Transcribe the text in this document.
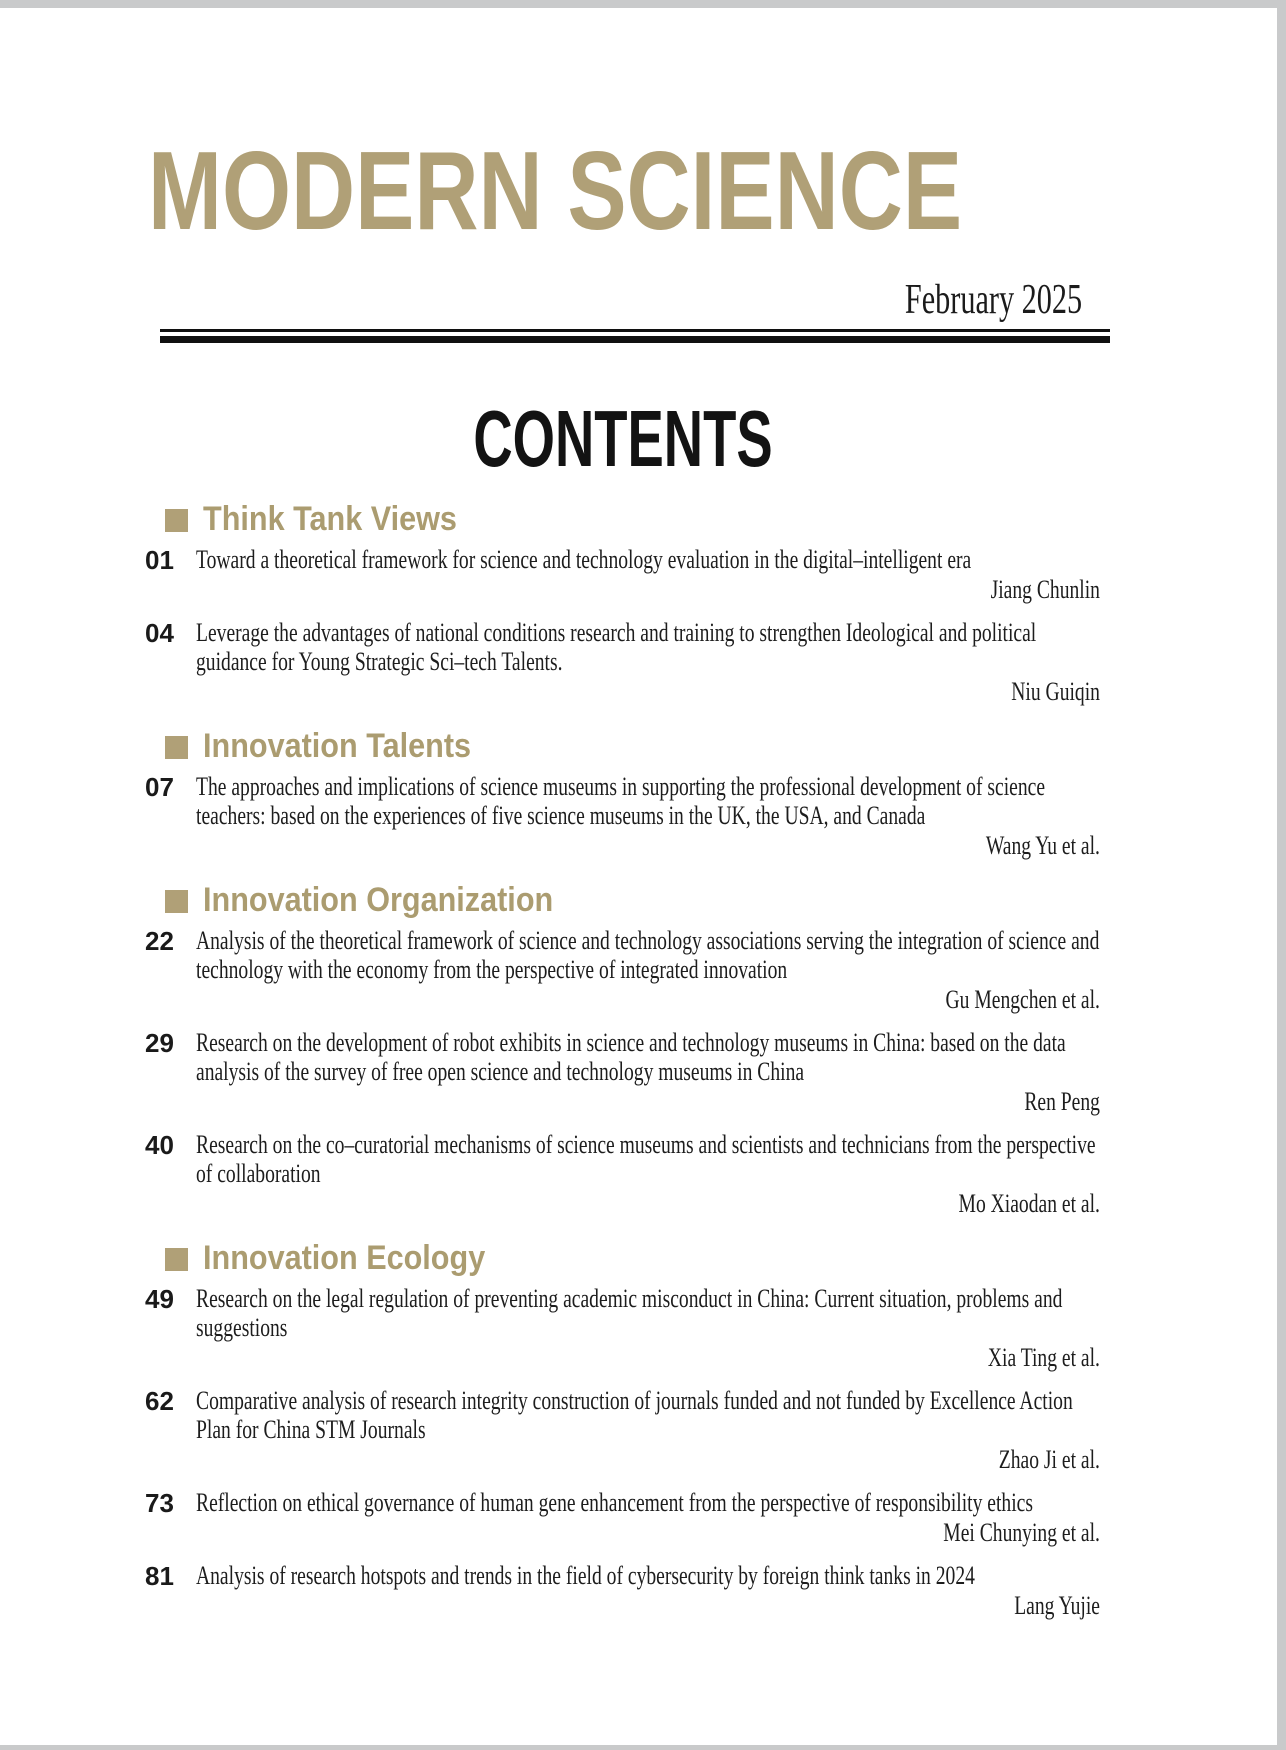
MODERN SCIENCE
February 2025
CONTENTS
Think Tank Views
01 Toward a theoretical framework for science and technology evaluation in the digital–intelligent era
Jiang Chunlin
04 Leverage the advantages of national conditions research and training to strengthen Ideological and political guidance for Young Strategic Sci–tech Talents.
Niu Guiqin
Innovation Talents
07 The approaches and implications of science museums in supporting the professional development of science teachers: based on the experiences of five science museums in the UK, the USA, and Canada
Wang Yu et al.
Innovation Organization
22 Analysis of the theoretical framework of science and technology associations serving the integration of science and technology with the economy from the perspective of integrated innovation
Gu Mengchen et al.
29 Research on the development of robot exhibits in science and technology museums in China: based on the data analysis of the survey of free open science and technology museums in China
Ren Peng
40 Research on the co–curatorial mechanisms of science museums and scientists and technicians from the perspective of collaboration
Mo Xiaodan et al.
Innovation Ecology
49 Research on the legal regulation of preventing academic misconduct in China: Current situation, problems and suggestions
Xia Ting et al.
62 Comparative analysis of research integrity construction of journals funded and not funded by Excellence Action Plan for China STM Journals
Zhao Ji et al.
73 Reflection on ethical governance of human gene enhancement from the perspective of responsibility ethics
Mei Chunying et al.
81 Analysis of research hotspots and trends in the field of cybersecurity by foreign think tanks in 2024
Lang Yujie
